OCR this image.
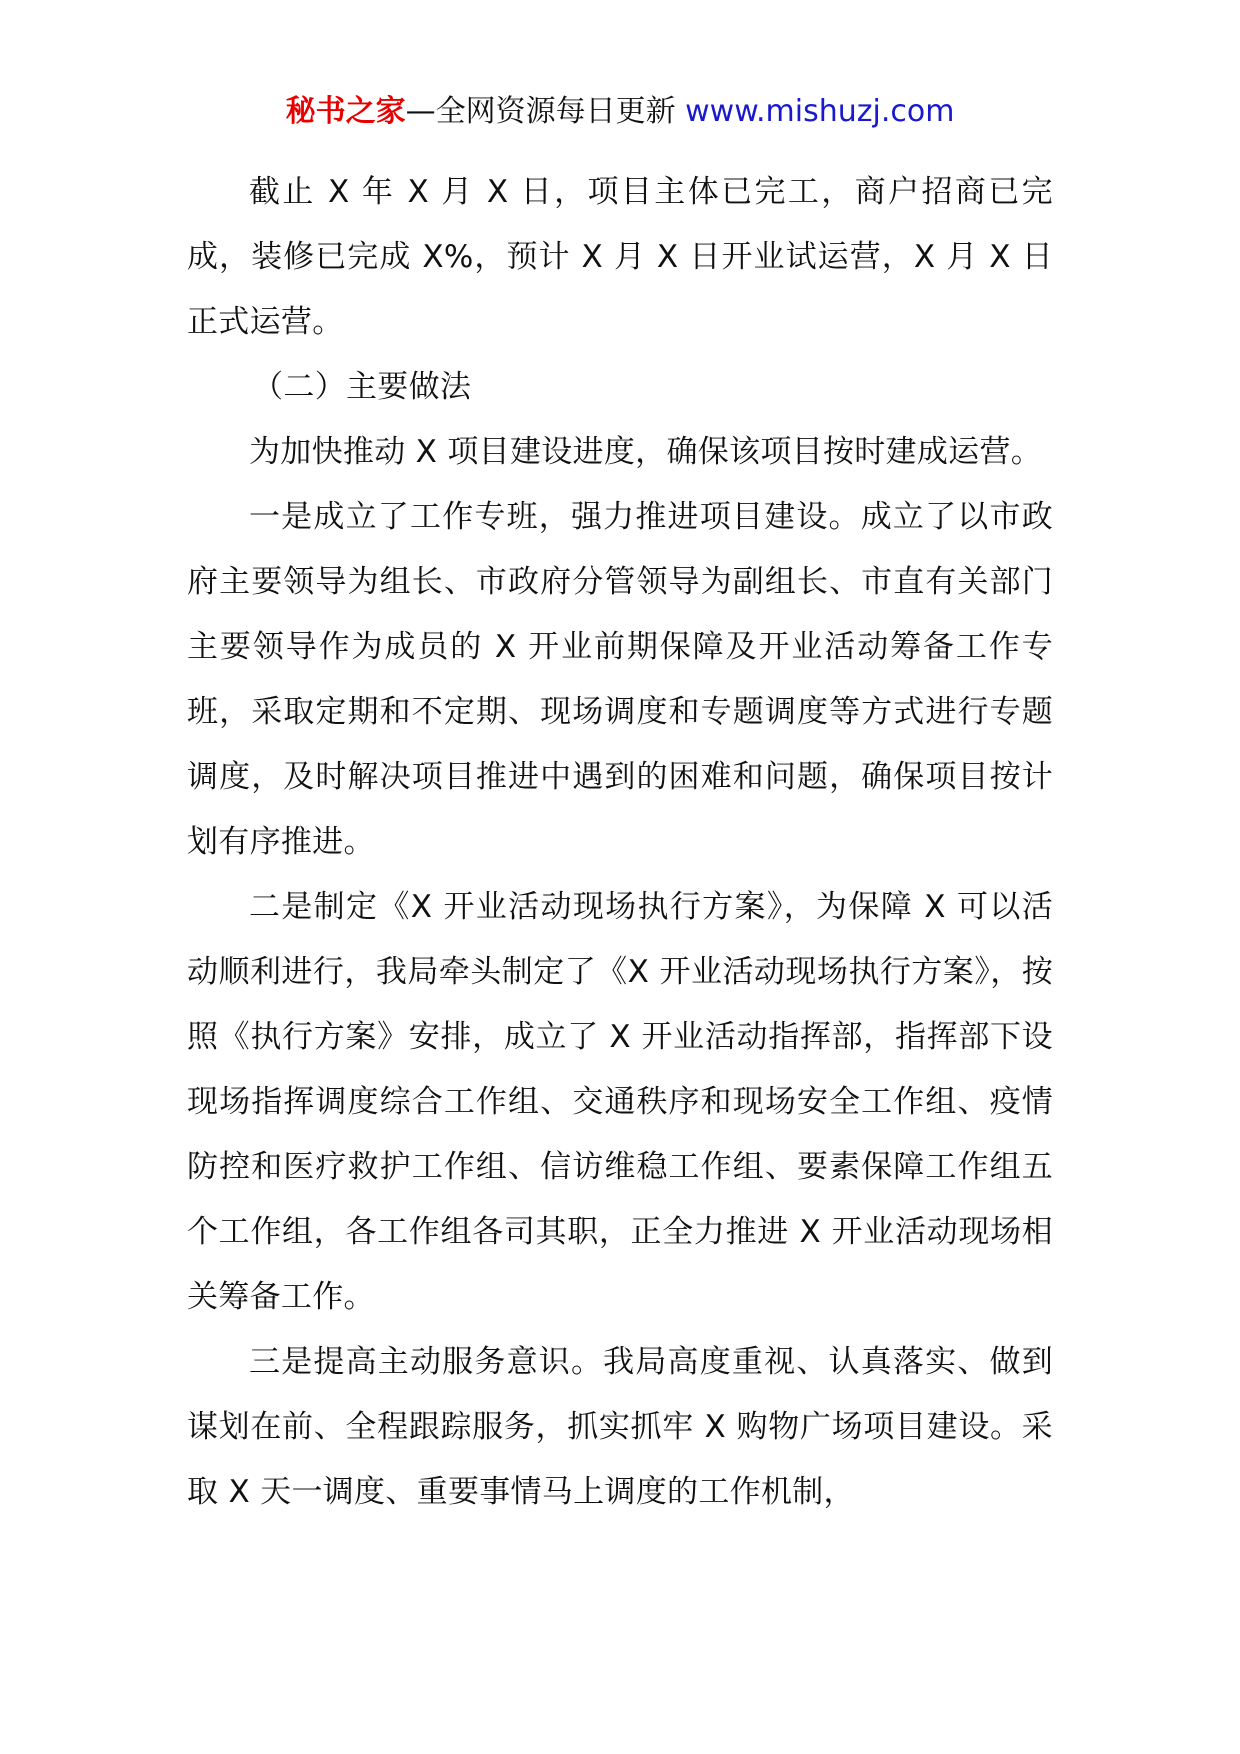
秘书之家—全网资源每日更新 www.mishuzj.com

截止 X 年 X 月 X 日，项目主体已完工，商户招商已完成，装修已完成 X%，预计 X 月 X 日开业试运营，X 月 X 日正式运营。

（二）主要做法

为加快推动 X 项目建设进度，确保该项目按时建成运营。

一是成立了工作专班，强力推进项目建设。成立了以市政府主要领导为组长、市政府分管领导为副组长、市直有关部门主要领导作为成员的 X 开业前期保障及开业活动筹备工作专班，采取定期和不定期、现场调度和专题调度等方式进行专题调度，及时解决项目推进中遇到的困难和问题，确保项目按计划有序推进。

二是制定《X 开业活动现场执行方案》，为保障 X 可以活动顺利进行，我局牵头制定了《X 开业活动现场执行方案》，按照《执行方案》安排，成立了 X 开业活动指挥部，指挥部下设现场指挥调度综合工作组、交通秩序和现场安全工作组、疫情防控和医疗救护工作组、信访维稳工作组、要素保障工作组五个工作组，各工作组各司其职，正全力推进 X 开业活动现场相关筹备工作。

三是提高主动服务意识。我局高度重视、认真落实、做到谋划在前、全程跟踪服务，抓实抓牢 X 购物广场项目建设。采取 X 天一调度、重要事情马上调度的工作机制，
